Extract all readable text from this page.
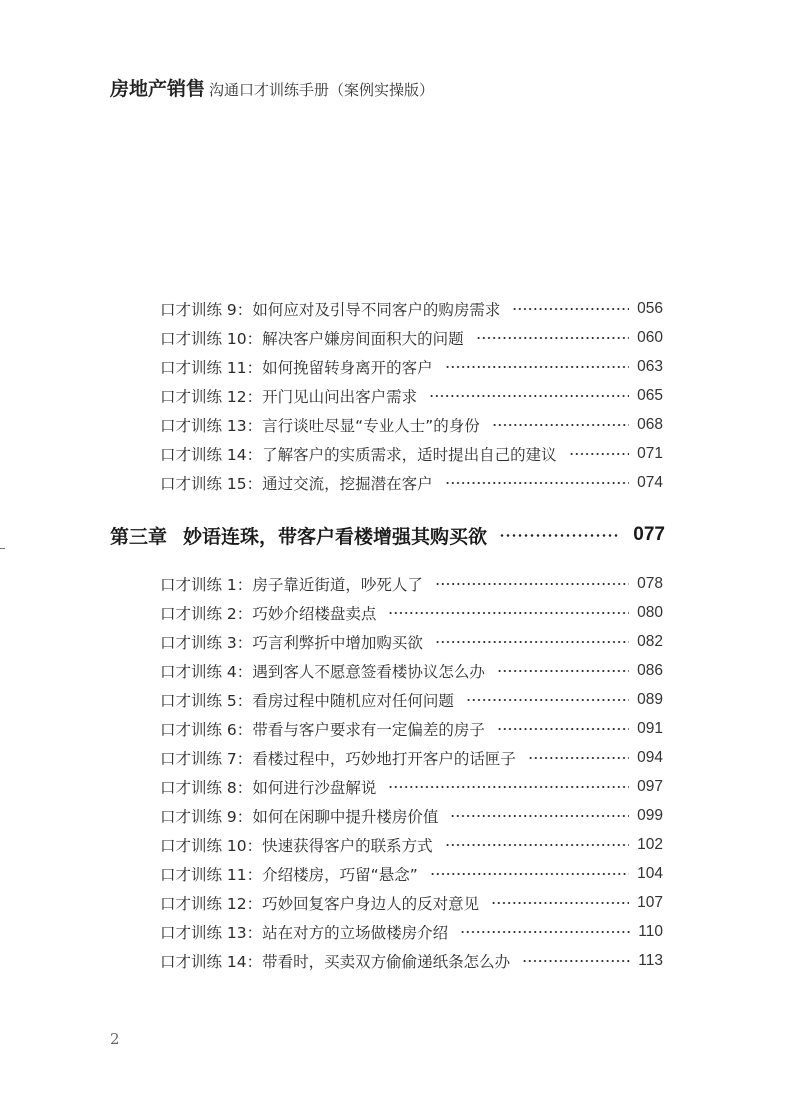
房地产销售 沟通口才训练手册（案例实操版）
口才训练 9 ： 如何应对及引导不同客户的购房需求	056
口才训练 10 ： 解决客户嫌房间面积大的问题	060
口才训练 11 ： 如何挽留转身离开的客户	063
口才训练 12 ： 开门见山问出客户需求	065
口才训练 13 ： 言行谈吐尽显“专业人士”的身份	068
口才训练 14 ： 了解客户的实质需求，适时提出自己的建议	071
口才训练 15 ： 通过交流，挖掘潜在客户	074
第三章 妙语连珠，带客户看楼增强其购买欲	077
口才训练 1 ： 房子靠近街道，吵死人了	078
口才训练 2 ： 巧妙介绍楼盘卖点	080
口才训练 3 ： 巧言利弊折中增加购买欲	082
口才训练 4 ： 遇到客人不愿意签看楼协议怎么办	086
口才训练 5 ： 看房过程中随机应对任何问题	089
口才训练 6 ： 带看与客户要求有一定偏差的房子	091
口才训练 7 ： 看楼过程中，巧妙地打开客户的话匣子	094
口才训练 8 ： 如何进行沙盘解说	097
口才训练 9 ： 如何在闲聊中提升楼房价值	099
口才训练 10 ： 快速获得客户的联系方式	102
口才训练 11 ： 介绍楼房，巧留“悬念”	104
口才训练 12 ： 巧妙回复客户身边人的反对意见	107
口才训练 13 ： 站在对方的立场做楼房介绍	110
口才训练 14 ： 带看时，买卖双方偷偷递纸条怎么办	113
2
